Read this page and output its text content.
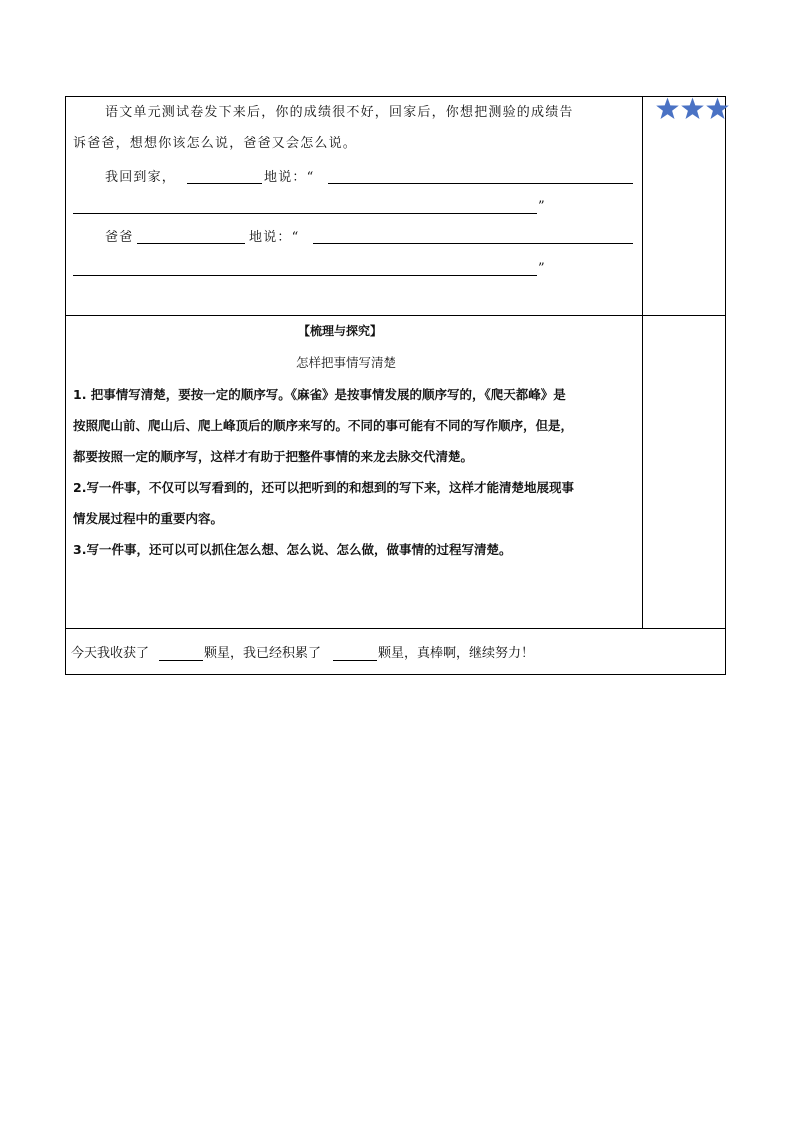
语文单元测试卷发下来后，你的成绩很不好，回家后，你想把测验的成绩告
诉爸爸，想想你该怎么说，爸爸又会怎么说。
我回到家，	地说：“
”
爸爸	地说：“
”
【梳理与探究】
怎样把事情写清楚
1. 把事情写清楚，要按一定的顺序写。《麻雀》是按事情发展的顺序写的，《爬天都峰》是
按照爬山前、爬山后、爬上峰顶后的顺序来写的。不同的事可能有不同的写作顺序，但是，
都要按照一定的顺序写，这样才有助于把整件事情的来龙去脉交代清楚。
2.写一件事，不仅可以写看到的，还可以把听到的和想到的写下来，这样才能清楚地展现事
情发展过程中的重要内容。
3.写一件事，还可以可以抓住怎么想、怎么说、怎么做，做事情的过程写清楚。
今天我收获了	颗星，我已经积累了	颗星，真棒啊，继续努力！
